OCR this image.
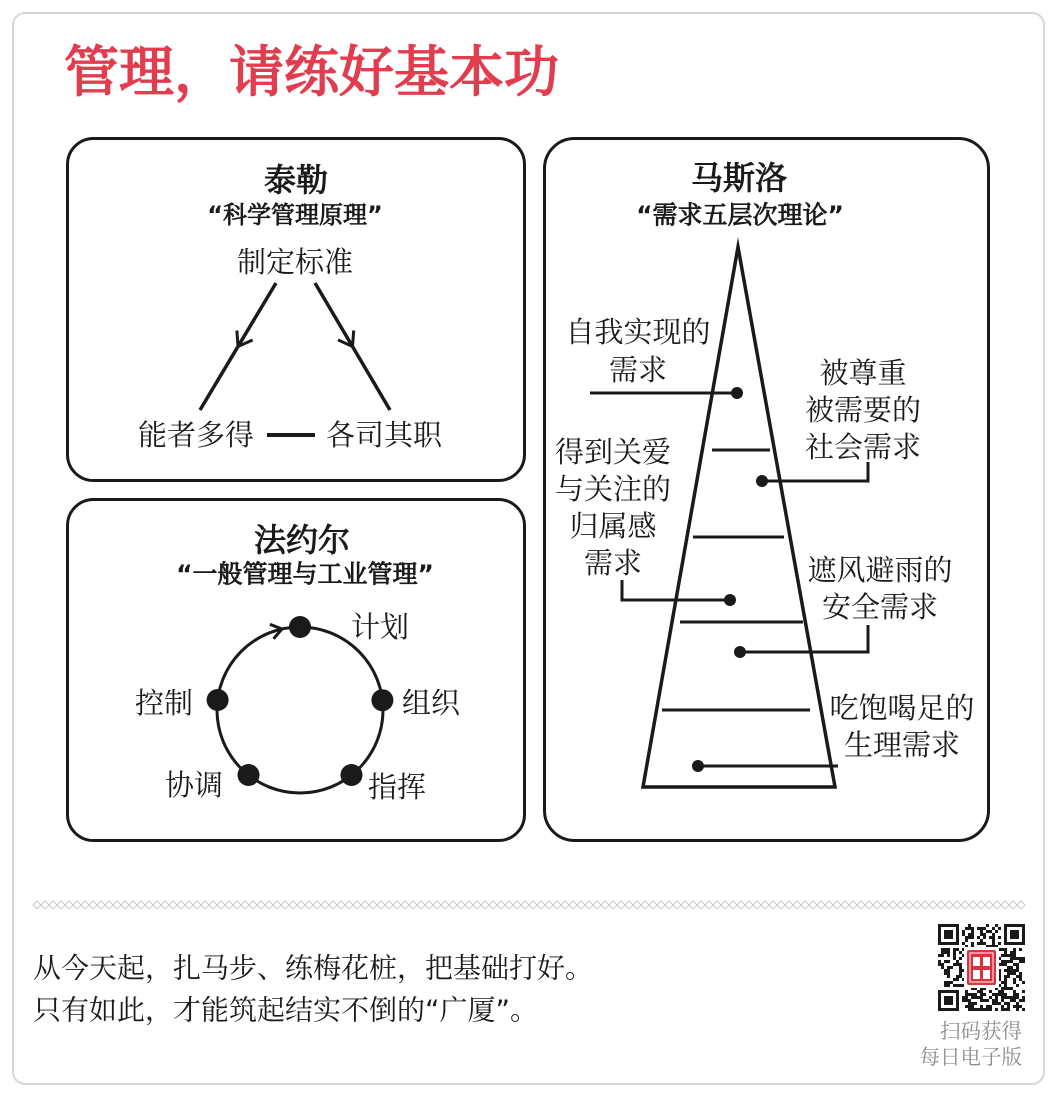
管理，请练好基本功
泰勒
“科学管理原理”
制定标准
能者多得 各司其职
法约尔
“一般管理与工业管理”
计划
组织
指挥
协调
控制
马斯洛
“需求五层次理论”
自我实现的
需求	被尊重
被需要的
社会需求
得到关爱
与关注的
归属感
需求	遮风避雨的
安全需求
吃饱喝足的
生理需求
从今天起，扎马步、练梅花桩，把基础打好。
只有如此，才能筑起结实不倒的“广厦”。
扫码获得
每日电子版
